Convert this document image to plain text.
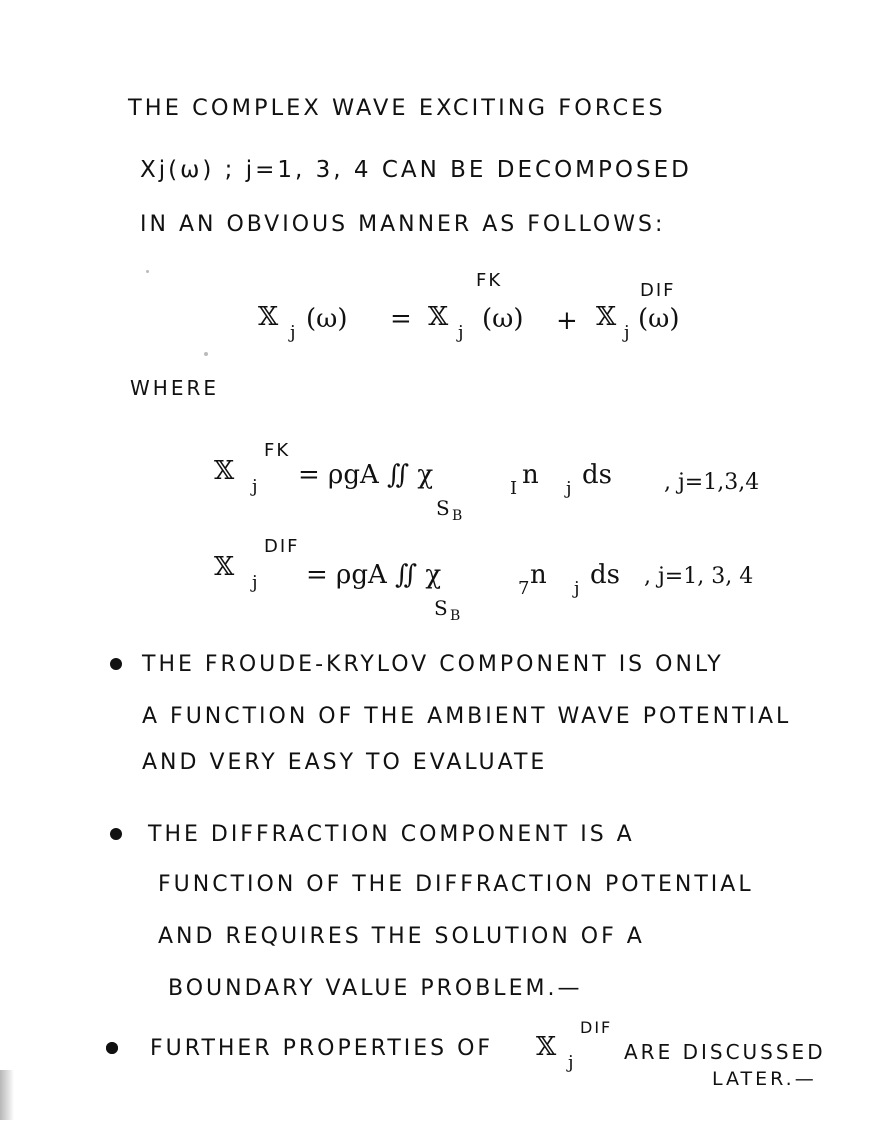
THE COMPLEX WAVE EXCITING FORCES
Xj(ω) ; j=1, 3, 4 CAN BE DECOMPOSED
IN AN OBVIOUS MANNER AS FOLLOWS:
FK	DIF
𝕏
j (ω) = 𝕏
j (ω) + 𝕏
j (ω)
WHERE
FK
𝕏
j = ρgA ∬ χ	I n j ds
S B
, j=1,3,4
DIF
𝕏
j = ρgA ∬ χ	7 n j ds
S B
, j=1, 3, 4
THE FROUDE-KRYLOV COMPONENT IS ONLY
A FUNCTION OF THE AMBIENT WAVE POTENTIAL
AND VERY EASY TO EVALUATE
THE DIFFRACTION COMPONENT IS A
FUNCTION OF THE DIFFRACTION POTENTIAL
AND REQUIRES THE SOLUTION OF A
BOUNDARY VALUE PROBLEM.—
FURTHER PROPERTIES OF 𝕏
j
DIF
ARE DISCUSSED
LATER.—
